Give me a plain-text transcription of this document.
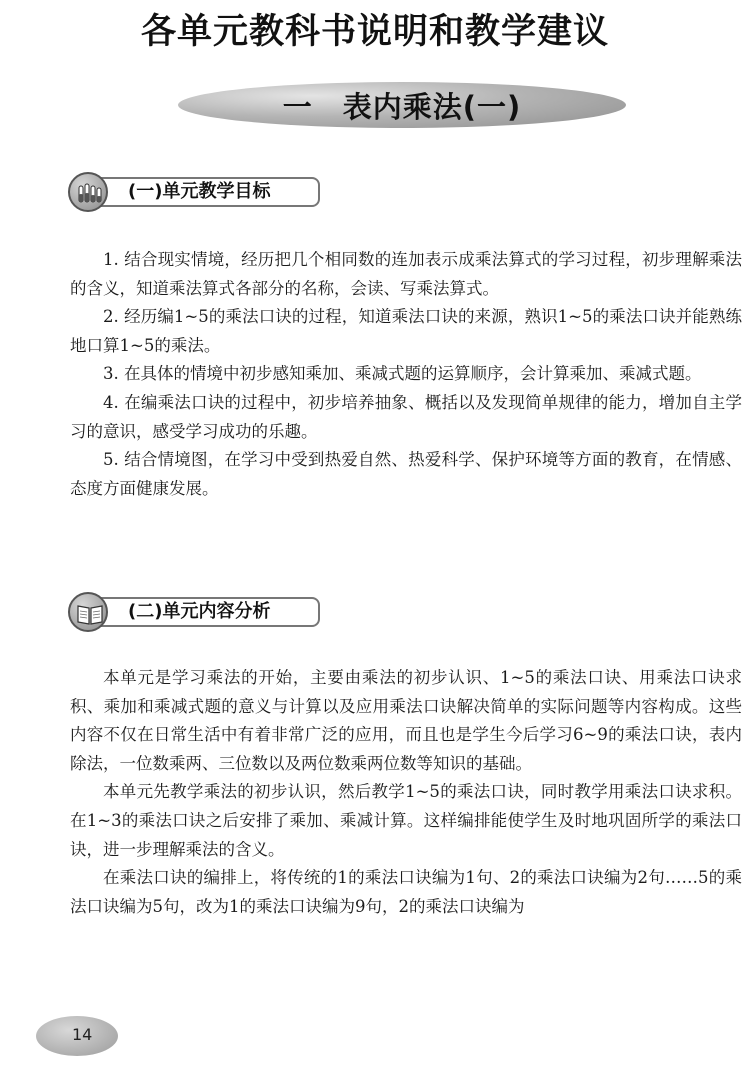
各单元教科书说明和教学建议
一　表内乘法(一)
(一)单元教学目标

1. 结合现实情境，经历把几个相同数的连加表示成乘法算式的学习过程，初步理解乘法的含义，知道乘法算式各部分的名称，会读、写乘法算式。

2. 经历编1~5的乘法口诀的过程，知道乘法口诀的来源，熟识1~5的乘法口诀并能熟练地口算1~5的乘法。

3. 在具体的情境中初步感知乘加、乘减式题的运算顺序，会计算乘加、乘减式题。

4. 在编乘法口诀的过程中，初步培养抽象、概括以及发现简单规律的能力，增加自主学习的意识，感受学习成功的乐趣。

5. 结合情境图，在学习中受到热爱自然、热爱科学、保护环境等方面的教育，在情感、态度方面健康发展。

(二)单元内容分析

本单元是学习乘法的开始，主要由乘法的初步认识、1~5的乘法口诀、用乘法口诀求积、乘加和乘减式题的意义与计算以及应用乘法口诀解决简单的实际问题等内容构成。这些内容不仅在日常生活中有着非常广泛的应用，而且也是学生今后学习6~9的乘法口诀，表内除法，一位数乘两、三位数以及两位数乘两位数等知识的基础。

本单元先教学乘法的初步认识，然后教学1~5的乘法口诀，同时教学用乘法口诀求积。在1~3的乘法口诀之后安排了乘加、乘减计算。这样编排能使学生及时地巩固所学的乘法口诀，进一步理解乘法的含义。

在乘法口诀的编排上，将传统的1的乘法口诀编为1句、2的乘法口诀编为2句……5的乘法口诀编为5句，改为1的乘法口诀编为9句，2的乘法口诀编为

14
